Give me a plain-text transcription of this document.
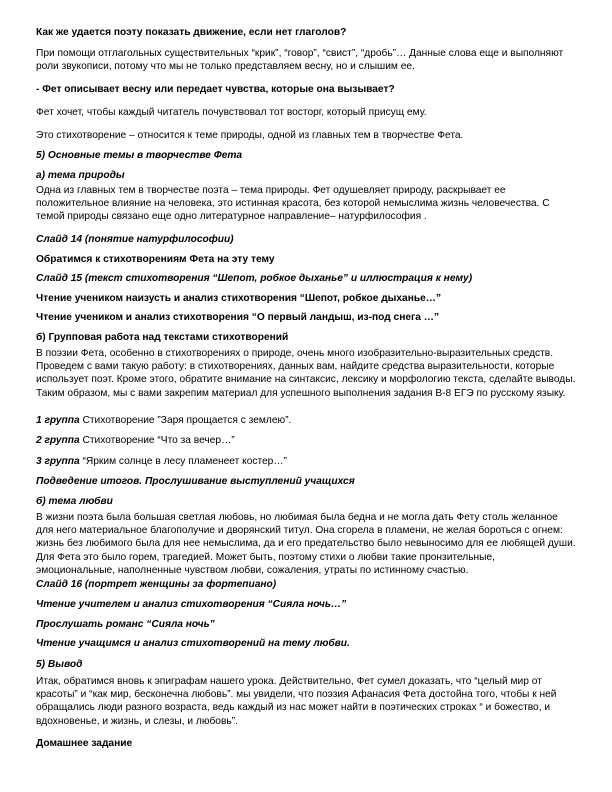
Как же удается поэту показать движение, если нет глаголов?

При помощи отглагольных существительных “крик”, “говор”, “свист”, “дробь”… Данные слова еще и выполняют роли звукописи, потому что мы не только представляем весну, но и слышим ее.

- Фет описывает весну или передает чувства, которые она вызывает?

Фет хочет, чтобы каждый читатель почувствовал тот восторг, который присущ ему.

Это стихотворение – относится к теме природы, одной из главных тем в творчестве Фета.

5) Основные темы в творчестве Фета

а) тема природы

Одна из главных тем в творчестве поэта – тема природы. Фет одушевляет природу, раскрывает ее положительное влияние на человека, это истинная красота, без которой немыслима жизнь человечества. С темой природы связано еще одно литературное направление– натурфилософия .

Слайд 14 (понятие натурфилософии)

Обратимся к стихотворениям Фета на эту тему

Слайд 15 (текст стихотворения “Шепот, робкое дыханье” и иллюстрация к нему)

Чтение учеником наизусть и анализ стихотворения “Шепот, робкое дыханье…”

Чтение учеником и анализ стихотворения “О первый ландыш, из-под снега …”

б) Групповая работа над текстами стихотворений

В поэзии Фета, особенно в стихотворениях о природе, очень много изобразительно-выразительных средств. Проведем с вами такую работу: в стихотворениях, данных вам, найдите средства выразительности, которые использует поэт. Кроме этого, обратите внимание на синтаксис, лексику и морфологию текста, сделайте выводы. Таким образом, мы с вами закрепим материал для успешного выполнения задания В-8 ЕГЭ по русскому языку.

1 группа Стихотворение ”Заря прощается с землею”.

2 группа Стихотворение “Что за вечер…”

3 группа “Ярким солнце в лесу пламенеет костер…”

Подведение итогов. Прослушивание выступлений учащихся

б) тема любви

В жизни поэта была большая светлая любовь, но любимая была бедна и не могла дать Фету столь желанное для него материальное благополучие и дворянский титул. Она сгорела в пламени, не желая бороться с огнем: жизнь без любимого была для нее немыслима, да и его предательство было невыносимо для ее любящей души. Для Фета это было горем, трагедией. Может быть, поэтому стихи о любви такие пронзительные, эмоциональные, наполненные чувством любви, сожаления, утраты по истинному счастью.

Слайд 16 (портрет женщины за фортепиано)

Чтение учителем и анализ стихотворения “Сияла ночь…”

Прослушать романс “Сияла ночь”

Чтение учащимся и анализ стихотворений на тему любви.

5) Вывод

Итак, обратимся вновь к эпиграфам нашего урока. Действительно, Фет сумел доказать, что “целый мир от красоты” и “как мир, бесконечна любовь”. мы увидели, что поэзия Афанасия Фета достойна того, чтобы к ней обращались люди разного возраста, ведь каждый из нас может найти в поэтических строках “ и божество, и вдохновенье, и жизнь, и слезы, и любовь”.

Домашнее задание
